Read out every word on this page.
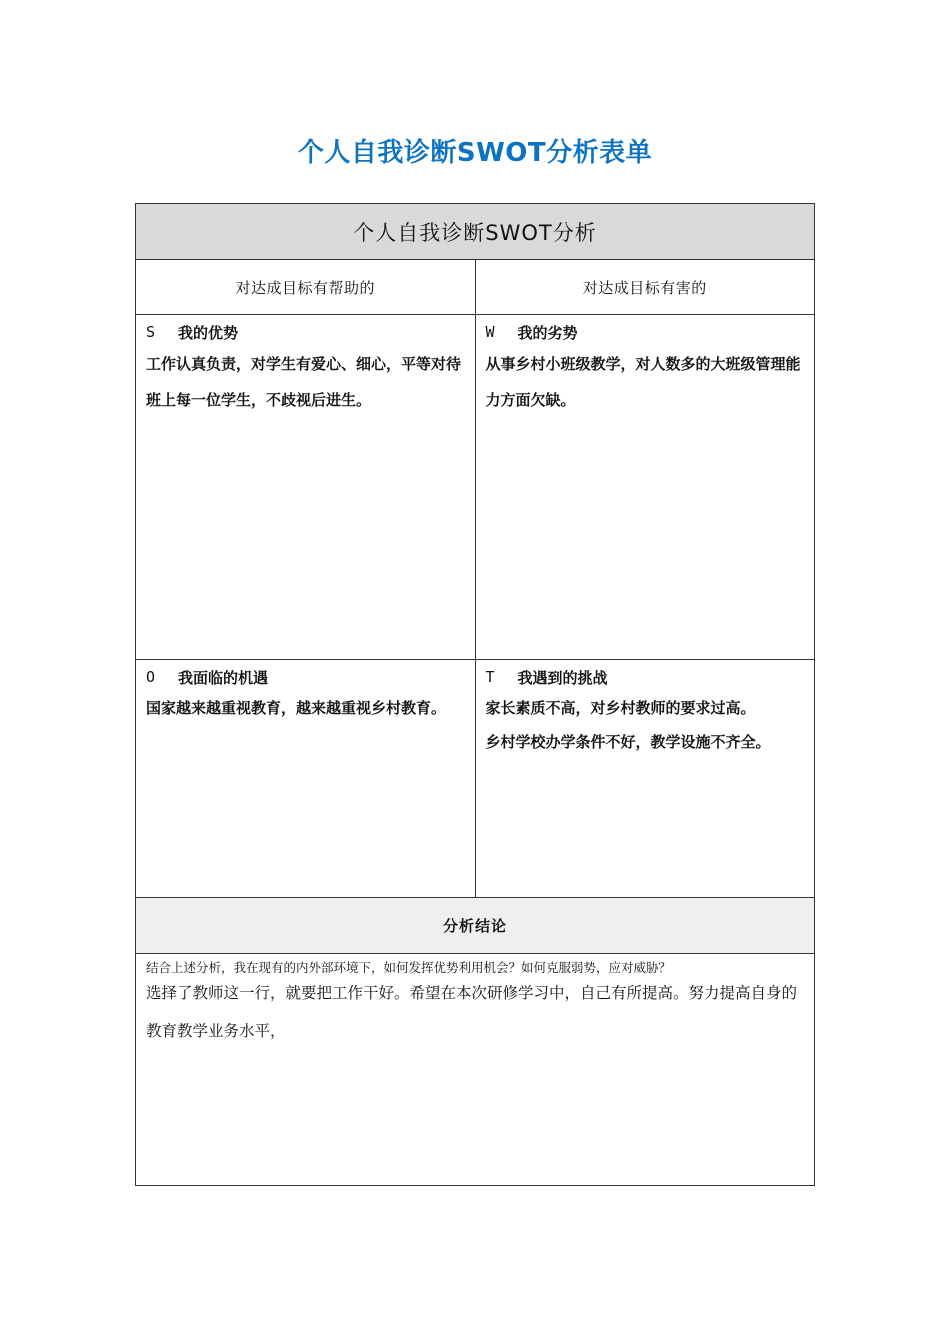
个人自我诊断SWOT分析表单
个人自我诊断SWOT分析
对达成目标有帮助的	对达成目标有害的
S	我的优势
工作认真负责，对学生有爱心、细心，平等对待班上每一位学生，不歧视后进生。
W	我的劣势
从事乡村小班级教学，对人数多的大班级管理能力方面欠缺。
O	我面临的机遇
国家越来越重视教育，越来越重视乡村教育。
T	我遇到的挑战
家长素质不高，对乡村教师的要求过高。
乡村学校办学条件不好，教学设施不齐全。
分析结论
结合上述分析，我在现有的内外部环境下，如何发挥优势利用机会？如何克服弱势，应对威胁？
选择了教师这一行，就要把工作干好。希望在本次研修学习中，自己有所提高。努力提高自身的教育教学业务水平，
